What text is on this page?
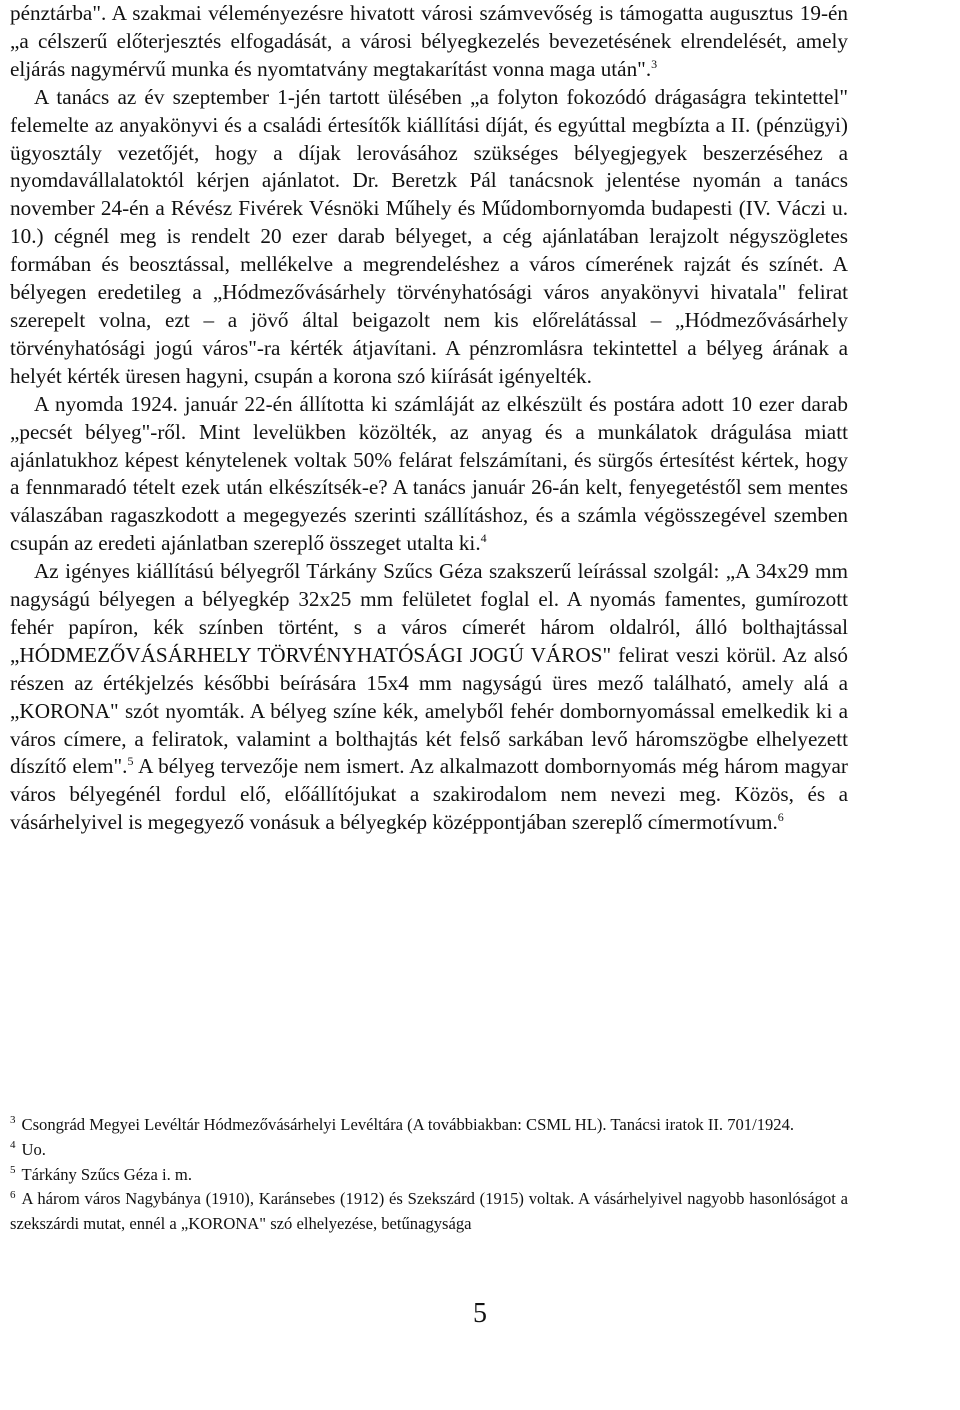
pénztárba". A szakmai véleményezésre hivatott városi számvevőség is támogatta augusztus 19-én „a célszerű előterjesztés elfogadását, a városi bélyegkezelés bevezetésének elrendelését, amely eljárás nagymérvű munka és nyomtatvány megtakarítást vonna maga után".$^3$

A tanács az év szeptember 1-jén tartott ülésében „a folyton fokozódó drágaságra tekintettel" felemelte az anyakönyvi és a családi értesítők kiállítási díját, és egyúttal megbízta a II. (pénzügyi) ügyosztály vezetőjét, hogy a díjak lerovásához szükséges bélyegjegyek beszerzéséhez a nyomdavállalatoktól kérjen ajánlatot. Dr. Beretzk Pál tanácsnok jelentése nyomán a tanács november 24-én a Révész Fivérek Vésnöki Műhely és Műdombornyomda budapesti (IV. Váczi u. 10.) cégnél meg is rendelt 20 ezer darab bélyeget, a cég ajánlatában lerajzolt négyszögletes formában és beosztással, mellékelve a megrendeléshez a város címerének rajzát és színét. A bélyegen eredetileg a „Hódmezővásárhely törvényhatósági város anyakönyvi hivatala" felirat szerepelt volna, ezt – a jövő által beigazolt nem kis előrelátással – „Hódmezővásárhely törvényhatósági jogú város"-ra kérték átjavítani. A pénzromlásra tekintettel a bélyeg árának a helyét kérték üresen hagyni, csupán a korona szó kiírását igényelték.

A nyomda 1924. január 22-én állította ki számláját az elkészült és postára adott 10 ezer darab „pecsét bélyeg"-ről. Mint levelükben közölték, az anyag és a munkálatok drágulása miatt ajánlatukhoz képest kénytelenek voltak 50% felárat felszámítani, és sürgős értesítést kértek, hogy a fennmaradó tételt ezek után elkészítsék-e? A tanács január 26-án kelt, fenyegetéstől sem mentes válaszában ragaszkodott a megegyezés szerinti szállításhoz, és a számla végösszegével szemben csupán az eredeti ajánlatban szereplő összeget utalta ki.$^4$

Az igényes kiállítású bélyegről Tárkány Szűcs Géza szakszerű leírással szolgál: „A 34x29 mm nagyságú bélyegen a bélyegkép 32x25 mm felületet foglal el. A nyomás famentes, gumírozott fehér papíron, kék színben történt, s a város címerét három oldalról, álló bolthajtással „HÓDMEZŐVÁSÁRHELY TÖRVÉNYHATÓSÁGI JOGÚ VÁROS" felirat veszi körül. Az alsó részen az értékjelzés későbbi beírására 15x4 mm nagyságú üres mező található, amely alá a „KORONA" szót nyomták. A bélyeg színe kék, amelyből fehér dombornyomással emelkedik ki a város címere, a feliratok, valamint a bolthajtás két felső sarkában levő háromszögbe elhelyezett díszítő elem".$^5$ A bélyeg tervezője nem ismert. Az alkalmazott dombornyomás még három magyar város bélyegénél fordul elő, előállítójukat a szakirodalom nem nevezi meg. Közös, és a vásárhelyivel is megegyező vonásuk a bélyegkép középpontjában szereplő címermotívum.$^6$

$^3$ Csongrád Megyei Levéltár Hódmezővásárhelyi Levéltára (A továbbiakban: CSML HL). Tanácsi iratok II. 701/1924.

$^4$ Uo.

$^5$ Tárkány Szűcs Géza i. m.

$^6$ A három város Nagybánya (1910), Karánsebes (1912) és Szekszárd (1915) voltak. A vásárhelyivel nagyobb hasonlóságot a szekszárdi mutat, ennél a „KORONA" szó elhelyezése, betűnagysága

5
